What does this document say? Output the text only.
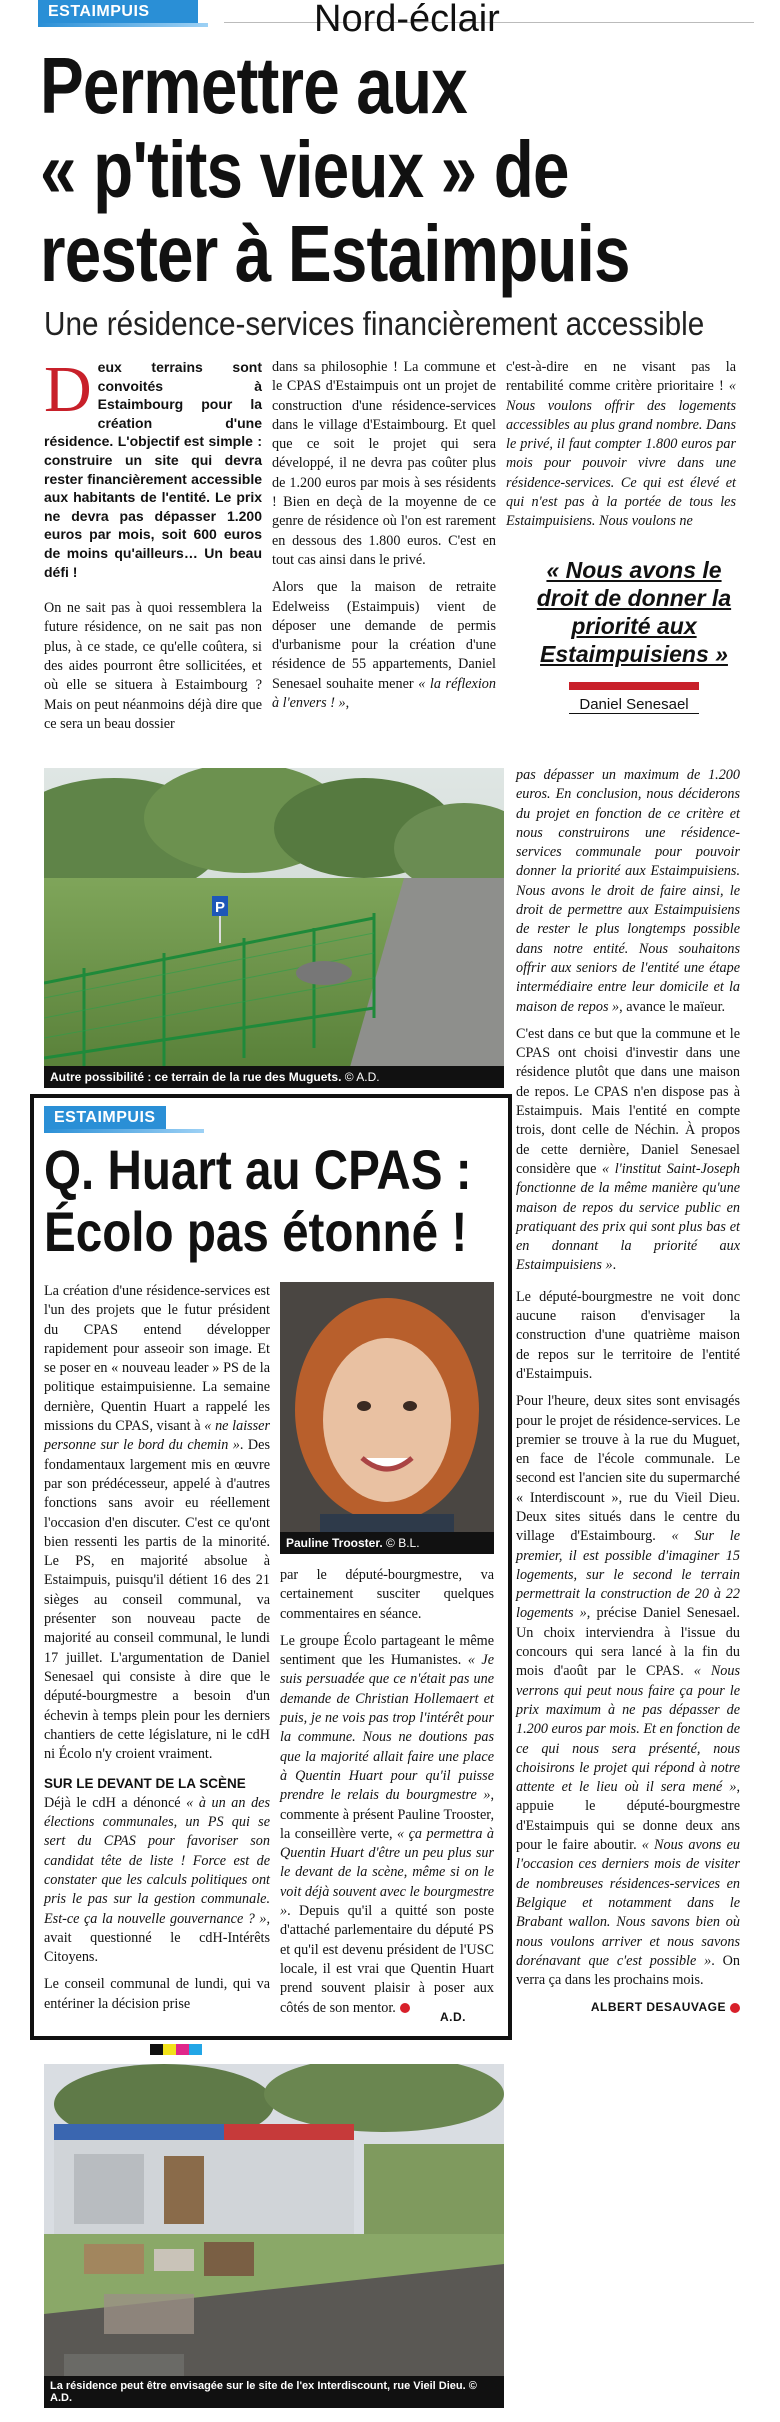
ESTAIMPUIS	Nord-éclair
Permettre aux
« p'tits vieux » de
rester à Estaimpuis
Une résidence-services financièrement accessible
Deux terrains sont convoités à Estaimbourg pour la création d'une résidence. L'objectif est simple : construire un site qui devra rester financièrement accessible aux habitants de l'entité. Le prix ne devra pas dépasser 1.200 euros par mois, soit 600 euros de moins qu'ailleurs… Un beau défi !

On ne sait pas à quoi ressemblera la future résidence, on ne sait pas non plus, à ce stade, ce qu'elle coûtera, si des aides pourront être sollicitées, et où elle se situera à Estaimbourg ? Mais on peut néanmoins déjà dire que ce sera un beau dossier

dans sa philosophie ! La commune et le CPAS d'Estaimpuis ont un projet de construction d'une résidence-services dans le village d'Estaimbourg. Et quel que ce soit le projet qui sera développé, il ne devra pas coûter plus de 1.200 euros par mois à ses résidents ! Bien en deçà de la moyenne de ce genre de résidence où l'on est rarement en dessous des 1.800 euros. C'est en tout cas ainsi dans le privé.

Alors que la maison de retraite Edelweiss (Estaimpuis) vient de déposer une demande de permis d'urbanisme pour la création d'une résidence de 55 appartements, Daniel Senesael souhaite mener « la réflexion à l'envers ! »,

c'est-à-dire en ne visant pas la rentabilité comme critère prioritaire ! « Nous voulons offrir des logements accessibles au plus grand nombre. Dans le privé, il faut compter 1.800 euros par mois pour pouvoir vivre dans une résidence-services. Ce qui est élevé et qui n'est pas à la portée de tous les Estaimpuisiens. Nous voulons ne

« Nous avons le droit de donner la priorité aux Estaimpuisiens »
Daniel Senesael
P
Autre possibilité : ce terrain de la rue des Muguets. © A.D.

pas dépasser un maximum de 1.200 euros. En conclusion, nous déciderons du projet en fonction de ce critère et nous construirons une résidence-services communale pour pouvoir donner la priorité aux Estaimpuisiens. Nous avons le droit de faire ainsi, le droit de permettre aux Estaimpuisiens de rester le plus longtemps possible dans notre entité. Nous souhaitons offrir aux seniors de l'entité une étape intermédiaire entre leur domicile et la maison de repos », avance le maïeur.

C'est dans ce but que la commune et le CPAS ont choisi d'investir dans une résidence plutôt que dans une maison de repos. Le CPAS n'en dispose pas à Estaimpuis. Mais l'entité en compte trois, dont celle de Néchin. À propos de cette dernière, Daniel Senesael considère que « l'institut Saint-Joseph fonctionne de la même manière qu'une maison de repos du service public en pratiquant des prix qui sont plus bas et en donnant la priorité aux Estaimpuisiens ».

Le député-bourgmestre ne voit donc aucune raison d'envisager la construction d'une quatrième maison de repos sur le territoire de l'entité d'Estaimpuis.

Pour l'heure, deux sites sont envisagés pour le projet de résidence-services. Le premier se trouve à la rue du Muguet, en face de l'école communale. Le second est l'ancien site du supermarché « Interdiscount », rue du Vieil Dieu. Deux sites situés dans le centre du village d'Estaimbourg. « Sur le premier, il est possible d'imaginer 15 logements, sur le second le terrain permettrait la construction de 20 à 22 logements », précise Daniel Senesael. Un choix interviendra à l'issue du concours qui sera lancé à la fin du mois d'août par le CPAS. « Nous verrons qui peut nous faire ça pour le prix maximum à ne pas dépasser de 1.200 euros par mois. Et en fonction de ce qui nous sera présenté, nous choisirons le projet qui répond à notre attente et le lieu où il sera mené », appuie le député-bourgmestre d'Estaimpuis qui se donne deux ans pour le faire aboutir. « Nous avons eu l'occasion ces derniers mois de visiter de nombreuses résidences-services en Belgique et notamment dans le Brabant wallon. Nous savons bien où nous voulons arriver et nous savons dorénavant que c'est possible ». On verra ça dans les prochains mois.

ALBERT DESAUVAGE
ESTAIMPUIS
Q. Huart au CPAS :
Écolo pas étonné !
Pauline Trooster. © B.L.

La création d'une résidence-services est l'un des projets que le futur président du CPAS entend développer rapidement pour asseoir son image. Et se poser en « nouveau leader » PS de la politique estaimpuisienne. La semaine dernière, Quentin Huart a rappelé les missions du CPAS, visant à « ne laisser personne sur le bord du chemin ». Des fondamentaux largement mis en œuvre par son prédécesseur, appelé à d'autres fonctions sans avoir eu réellement l'occasion d'en discuter. C'est ce qu'ont bien ressenti les partis de la minorité. Le PS, en majorité absolue à Estaimpuis, puisqu'il détient 16 des 21 sièges au conseil communal, va présenter son nouveau pacte de majorité au conseil communal, le lundi 17 juillet. L'argumentation de Daniel Senesael qui consiste à dire que le député-bourgmestre a besoin d'un échevin à temps plein pour les derniers chantiers de cette législature, ni le cdH ni Écolo n'y croient vraiment.

SUR LE DEVANT DE LA SCÈNE

Déjà le cdH a dénoncé « à un an des élections communales, un PS qui se sert du CPAS pour favoriser son candidat tête de liste ! Force est de constater que les calculs politiques ont pris le pas sur la gestion communale. Est-ce ça la nouvelle gouvernance ? », avait questionné le cdH-Intérêts Citoyens.

Le conseil communal de lundi, qui va entériner la décision prise

par le député-bourgmestre, va certainement susciter quelques commentaires en séance.

Le groupe Écolo partageant le même sentiment que les Humanistes. « Je suis persuadée que ce n'était pas une demande de Christian Hollemaert et puis, je ne vois pas trop l'intérêt pour la commune. Nous ne doutions pas que la majorité allait faire une place à Quentin Huart pour qu'il puisse prendre le relais du bourgmestre », commente à présent Pauline Trooster, la conseillère verte, « ça permettra à Quentin Huart d'être un peu plus sur le devant de la scène, même si on le voit déjà souvent avec le bourgmestre ». Depuis qu'il a quitté son poste d'attaché parlementaire du député PS et qu'il est devenu président de l'USC locale, il est vrai que Quentin Huart prend souvent plaisir à poser aux côtés de son mentor.

A.D.
La résidence peut être envisagée sur le site de l'ex Interdiscount, rue Vieil Dieu. © A.D.
